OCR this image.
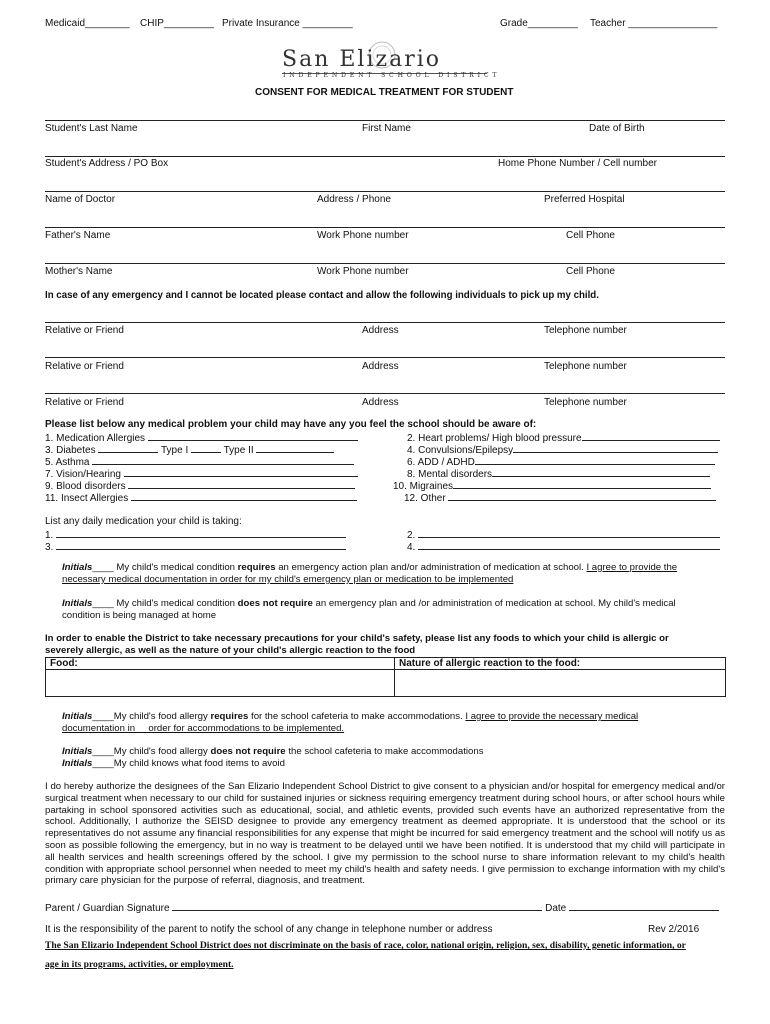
Medicaid________ CHIP_________ Private Insurance _________	Grade_________ Teacher ________________
San Elizario
INDEPENDENT SCHOOL DISTRICT
CONSENT FOR MEDICAL TREATMENT FOR STUDENT
Student's Last Name	First Name	Date of Birth
Student's Address / PO Box	Home Phone Number / Cell number
Name of Doctor	Address / Phone	Preferred Hospital
Father's Name	Work Phone number	Cell Phone
Mother's Name	Work Phone number	Cell Phone
In case of any emergency and I cannot be located please contact and allow the following individuals to pick up my child.
Relative or Friend	Address	Telephone number
Relative or Friend	Address	Telephone number
Relative or Friend	Address	Telephone number
Please list below any medical problem your child may have any you feel the school should be aware of:
1. Medication Allergies
3. Diabetes	Type I	Type II
5. Asthma
7. Vision/Hearing
9. Blood disorders
11. Insect Allergies
2. Heart problems/ High blood pressure
4. Convulsions/Epilepsy
6. ADD / ADHD
8. Mental disorders
10. Migraines
12. Other
List any daily medication your child is taking:
1.
3.
2.
4.
Initials____ My child's medical condition requires an emergency action plan and/or administration of medication at school. I agree to provide the
necessary medical documentation in order for my child's emergency plan or medication to be implemented
Initials____ My child's medical condition does not require an emergency plan and /or administration of medication at school. My child's medical
condition is being managed at home
In order to enable the District to take necessary precautions for your child's safety, please list any foods to which your child is allergic or
severely allergic, as well as the nature of your child's allergic reaction to the food
Food:	Nature of allergic reaction to the food:

Initials____My child's food allergy requires for the school cafeteria to make accommodations. I agree to provide the necessary medical
documentation in     order for accommodations to be implemented.
Initials____My child's food allergy does not require the school cafeteria to make accommodations
Initials____My child knows what food items to avoid
I do hereby authorize the designees of the San Elizario Independent School District to give consent to a physician and/or hospital for emergency medical and/or surgical treatment when necessary to our child for sustained injuries or sickness requiring emergency treatment during school hours, or after school hours while partaking in school sponsored activities such as educational, social, and athletic events, provided such events have an authorized representative from the school. Additionally, I authorize the SEISD designee to provide any emergency treatment as deemed appropriate. It is understood that the school or its representatives do not assume any financial responsibilities for any expense that might be incurred for said emergency treatment and the school will notify us as soon as possible following the emergency, but in no way is treatment to be delayed until we have been notified. It is understood that my child will participate in all health services and health screenings offered by the school. I give my permission to the school nurse to share information relevant to my child's health condition with appropriate school personnel when needed to meet my child's health and safety needs. I give permission to exchange information with my child's primary care physician for the purpose of referral, diagnosis, and treatment.
Parent / Guardian Signature	Date
It is the responsibility of the parent to notify the school of any change in telephone number or address	Rev 2/2016
The San Elizario Independent School District does not discriminate on the basis of race, color, national origin, religion, sex, disability, genetic information, or
age in its programs, activities, or employment.
